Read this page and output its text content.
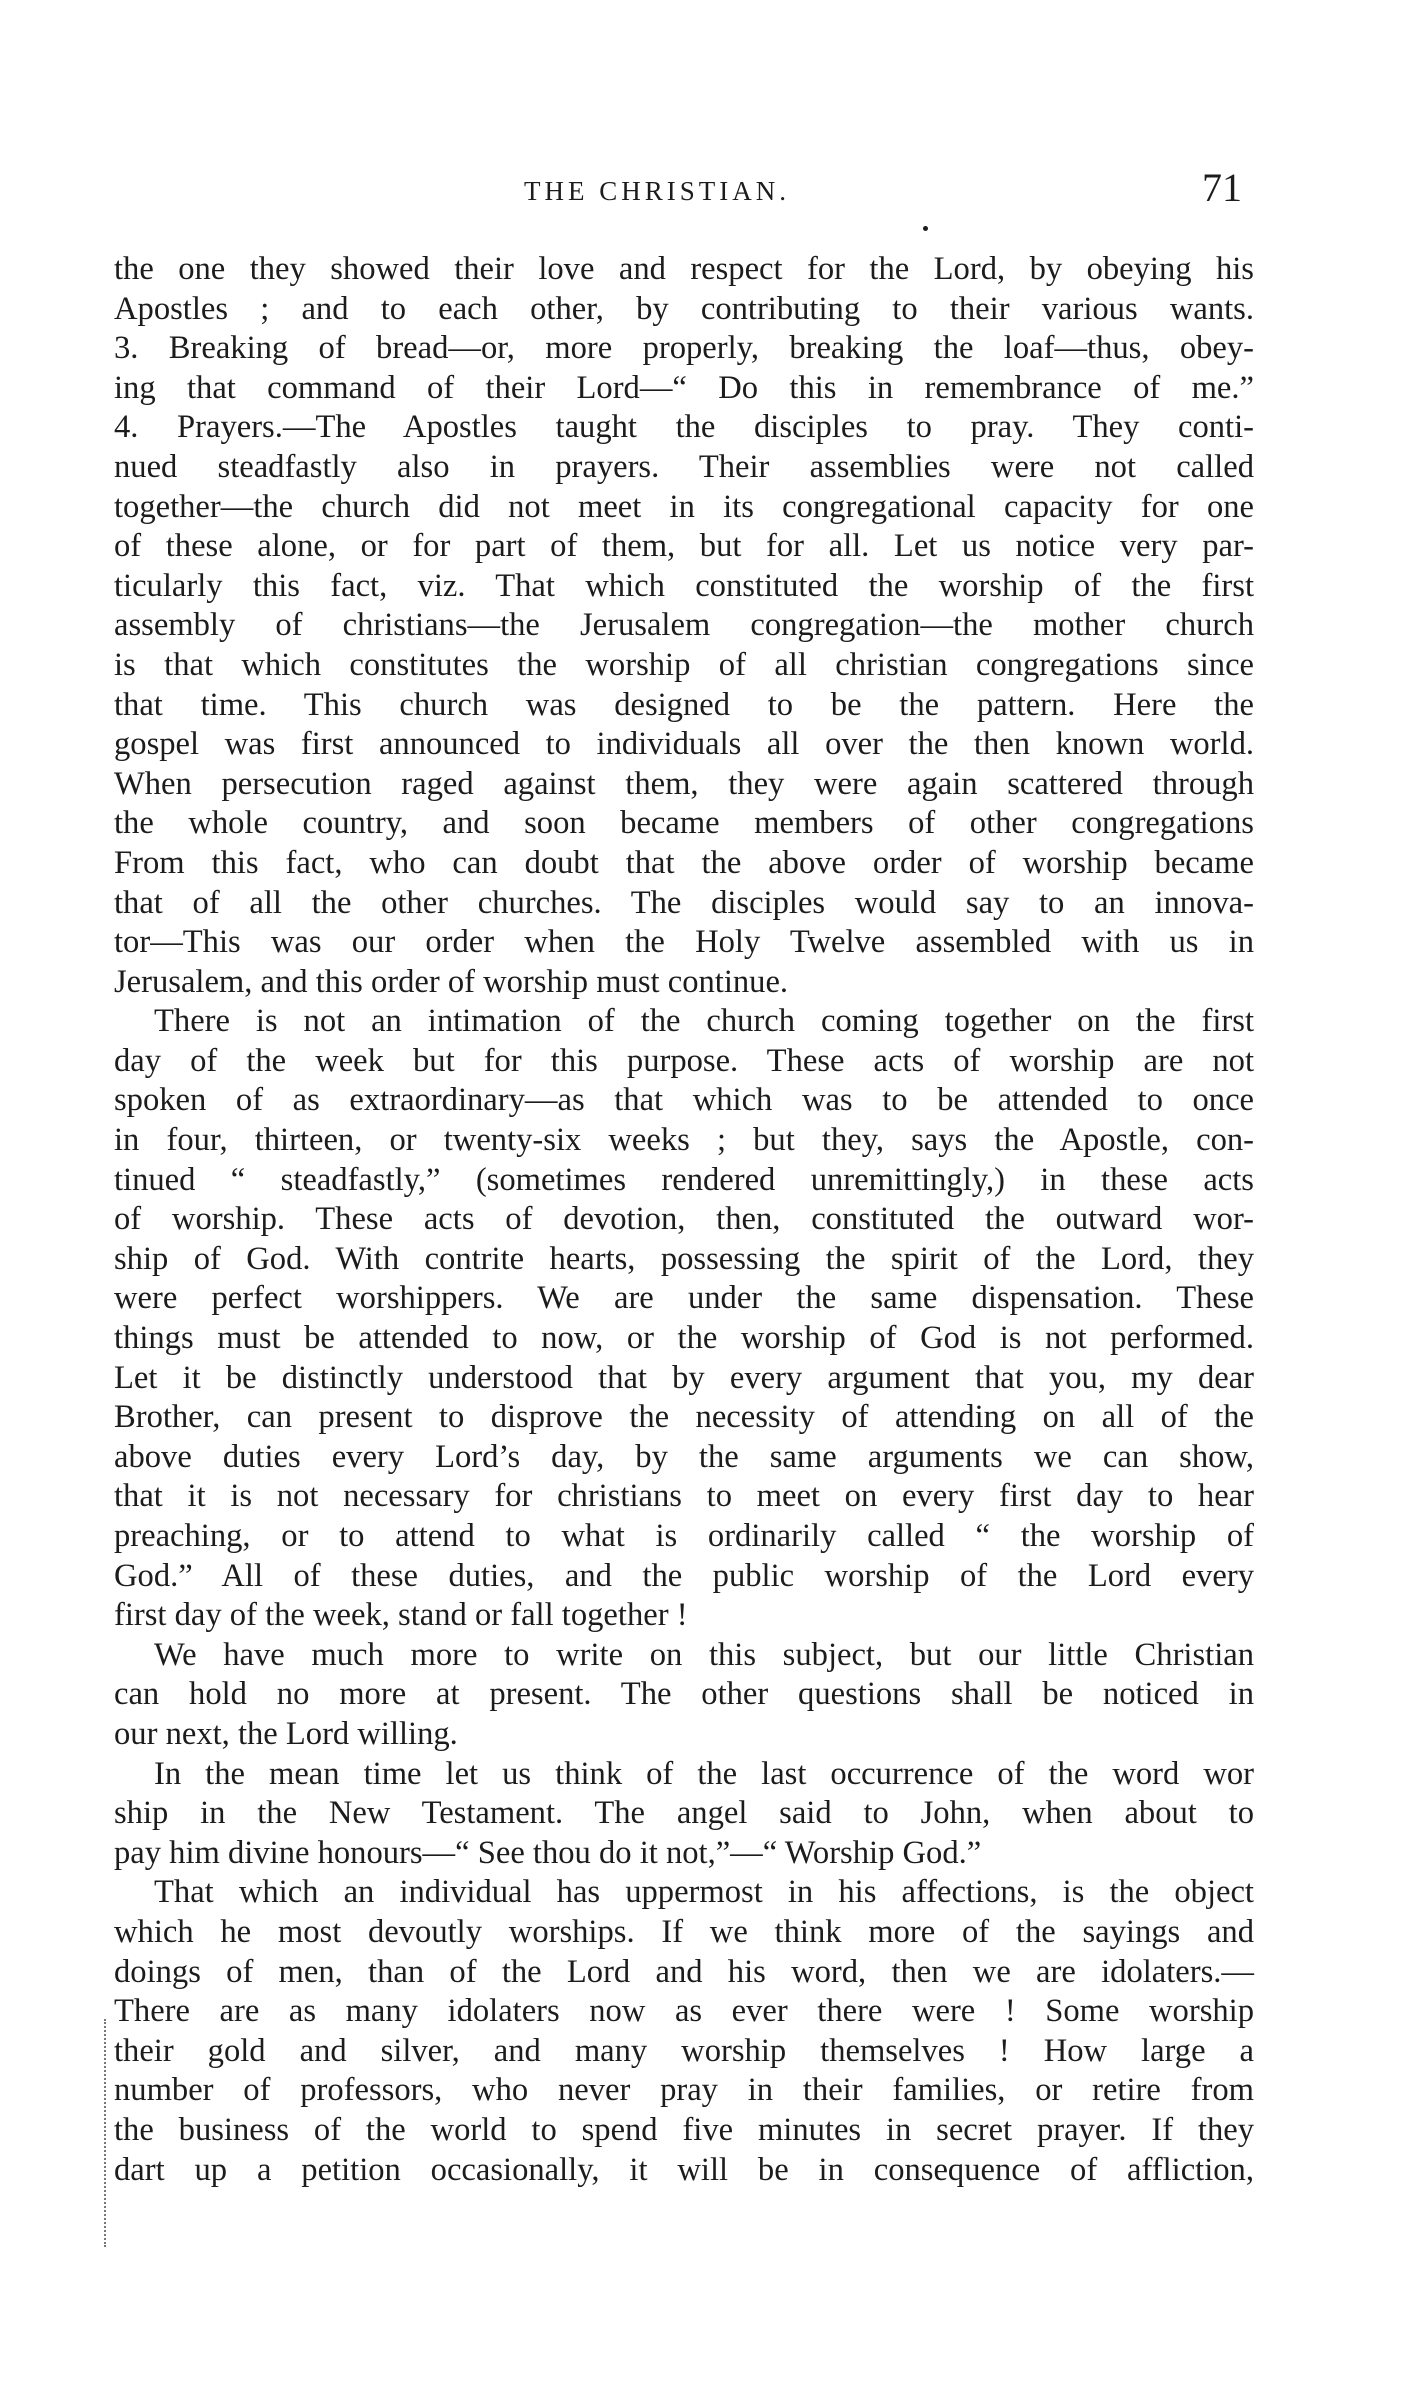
THE CHRISTIAN.	71
the one they showed their love and respect for the Lord, by obeying his
Apostles ; and to each other, by contributing to their various wants.
3. Breaking of bread—or, more properly, breaking the loaf—thus, obey-
ing that command of their Lord—“ Do this in remembrance of me.”
4. Prayers.—The Apostles taught the disciples to pray. They conti-
nued steadfastly also in prayers. Their assemblies were not called
together—the church did not meet in its congregational capacity for one
of these alone, or for part of them, but for all. Let us notice very par-
ticularly this fact, viz. That which constituted the worship of the first
assembly of christians—the Jerusalem congregation—the mother church
is that which constitutes the worship of all christian congregations since
that time. This church was designed to be the pattern. Here the
gospel was first announced to individuals all over the then known world.
When persecution raged against them, they were again scattered through
the whole country, and soon became members of other congregations
From this fact, who can doubt that the above order of worship became
that of all the other churches. The disciples would say to an innova-
tor—This was our order when the Holy Twelve assembled with us in
Jerusalem, and this order of worship must continue.
There is not an intimation of the church coming together on the first
day of the week but for this purpose. These acts of worship are not
spoken of as extraordinary—as that which was to be attended to once
in four, thirteen, or twenty-six weeks ; but they, says the Apostle, con-
tinued “ steadfastly,” (sometimes rendered unremittingly,) in these acts
of worship. These acts of devotion, then, constituted the outward wor-
ship of God. With contrite hearts, possessing the spirit of the Lord, they
were perfect worshippers. We are under the same dispensation. These
things must be attended to now, or the worship of God is not performed.
Let it be distinctly understood that by every argument that you, my dear
Brother, can present to disprove the necessity of attending on all of the
above duties every Lord’s day, by the same arguments we can show,
that it is not necessary for christians to meet on every first day to hear
preaching, or to attend to what is ordinarily called “ the worship of
God.” All of these duties, and the public worship of the Lord every
first day of the week, stand or fall together !
We have much more to write on this subject, but our little Christian
can hold no more at present. The other questions shall be noticed in
our next, the Lord willing.
In the mean time let us think of the last occurrence of the word wor
ship in the New Testament. The angel said to John, when about to
pay him divine honours—“ See thou do it not,”—“ Worship God.”
That which an individual has uppermost in his affections, is the object
which he most devoutly worships. If we think more of the sayings and
doings of men, than of the Lord and his word, then we are idolaters.—
There are as many idolaters now as ever there were ! Some worship
their gold and silver, and many worship themselves ! How large a
number of professors, who never pray in their families, or retire from
the business of the world to spend five minutes in secret prayer. If they
dart up a petition occasionally, it will be in consequence of affliction,
